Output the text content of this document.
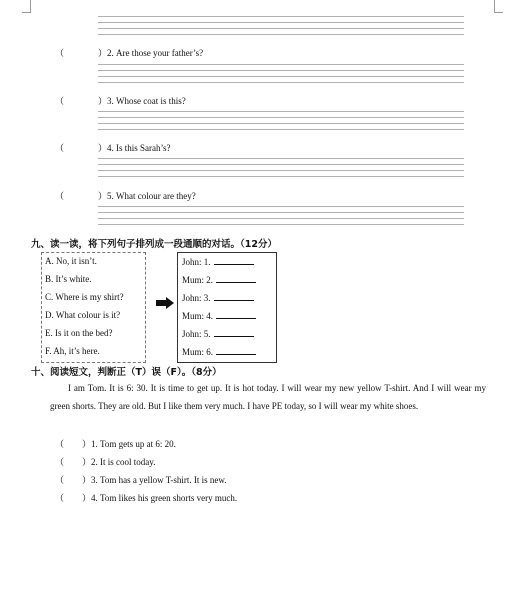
（	）2. Are those your father’s?
（	）3. Whose coat is this?
（	）4. Is this Sarah’s?
（	）5. What colour are they?
九、读一读，将下列句子排列成一段通顺的对话。（12分）
A. No, it isn’t.
B. It’s white.
C. Where is my shirt?
D. What colour is it?
E. Is it on the bed?
F. Ah, it’s here.
John: 1.
Mum: 2.
John: 3.
Mum: 4.
John: 5.
Mum: 6.
十、阅读短文，判断正（T）误（F）。（8分）
I am Tom. It is 6: 30. It is time to get up. It is hot today. I will wear my new yellow T-shirt. And I will wear my green shorts. They are old. But I like them very much. I have PE today, so I will wear my white shoes.
（ ）1. Tom gets up at 6: 20.
（ ）2. It is cool today.
（ ）3. Tom has a yellow T-shirt. It is new.
（ ）4. Tom likes his green shorts very much.
